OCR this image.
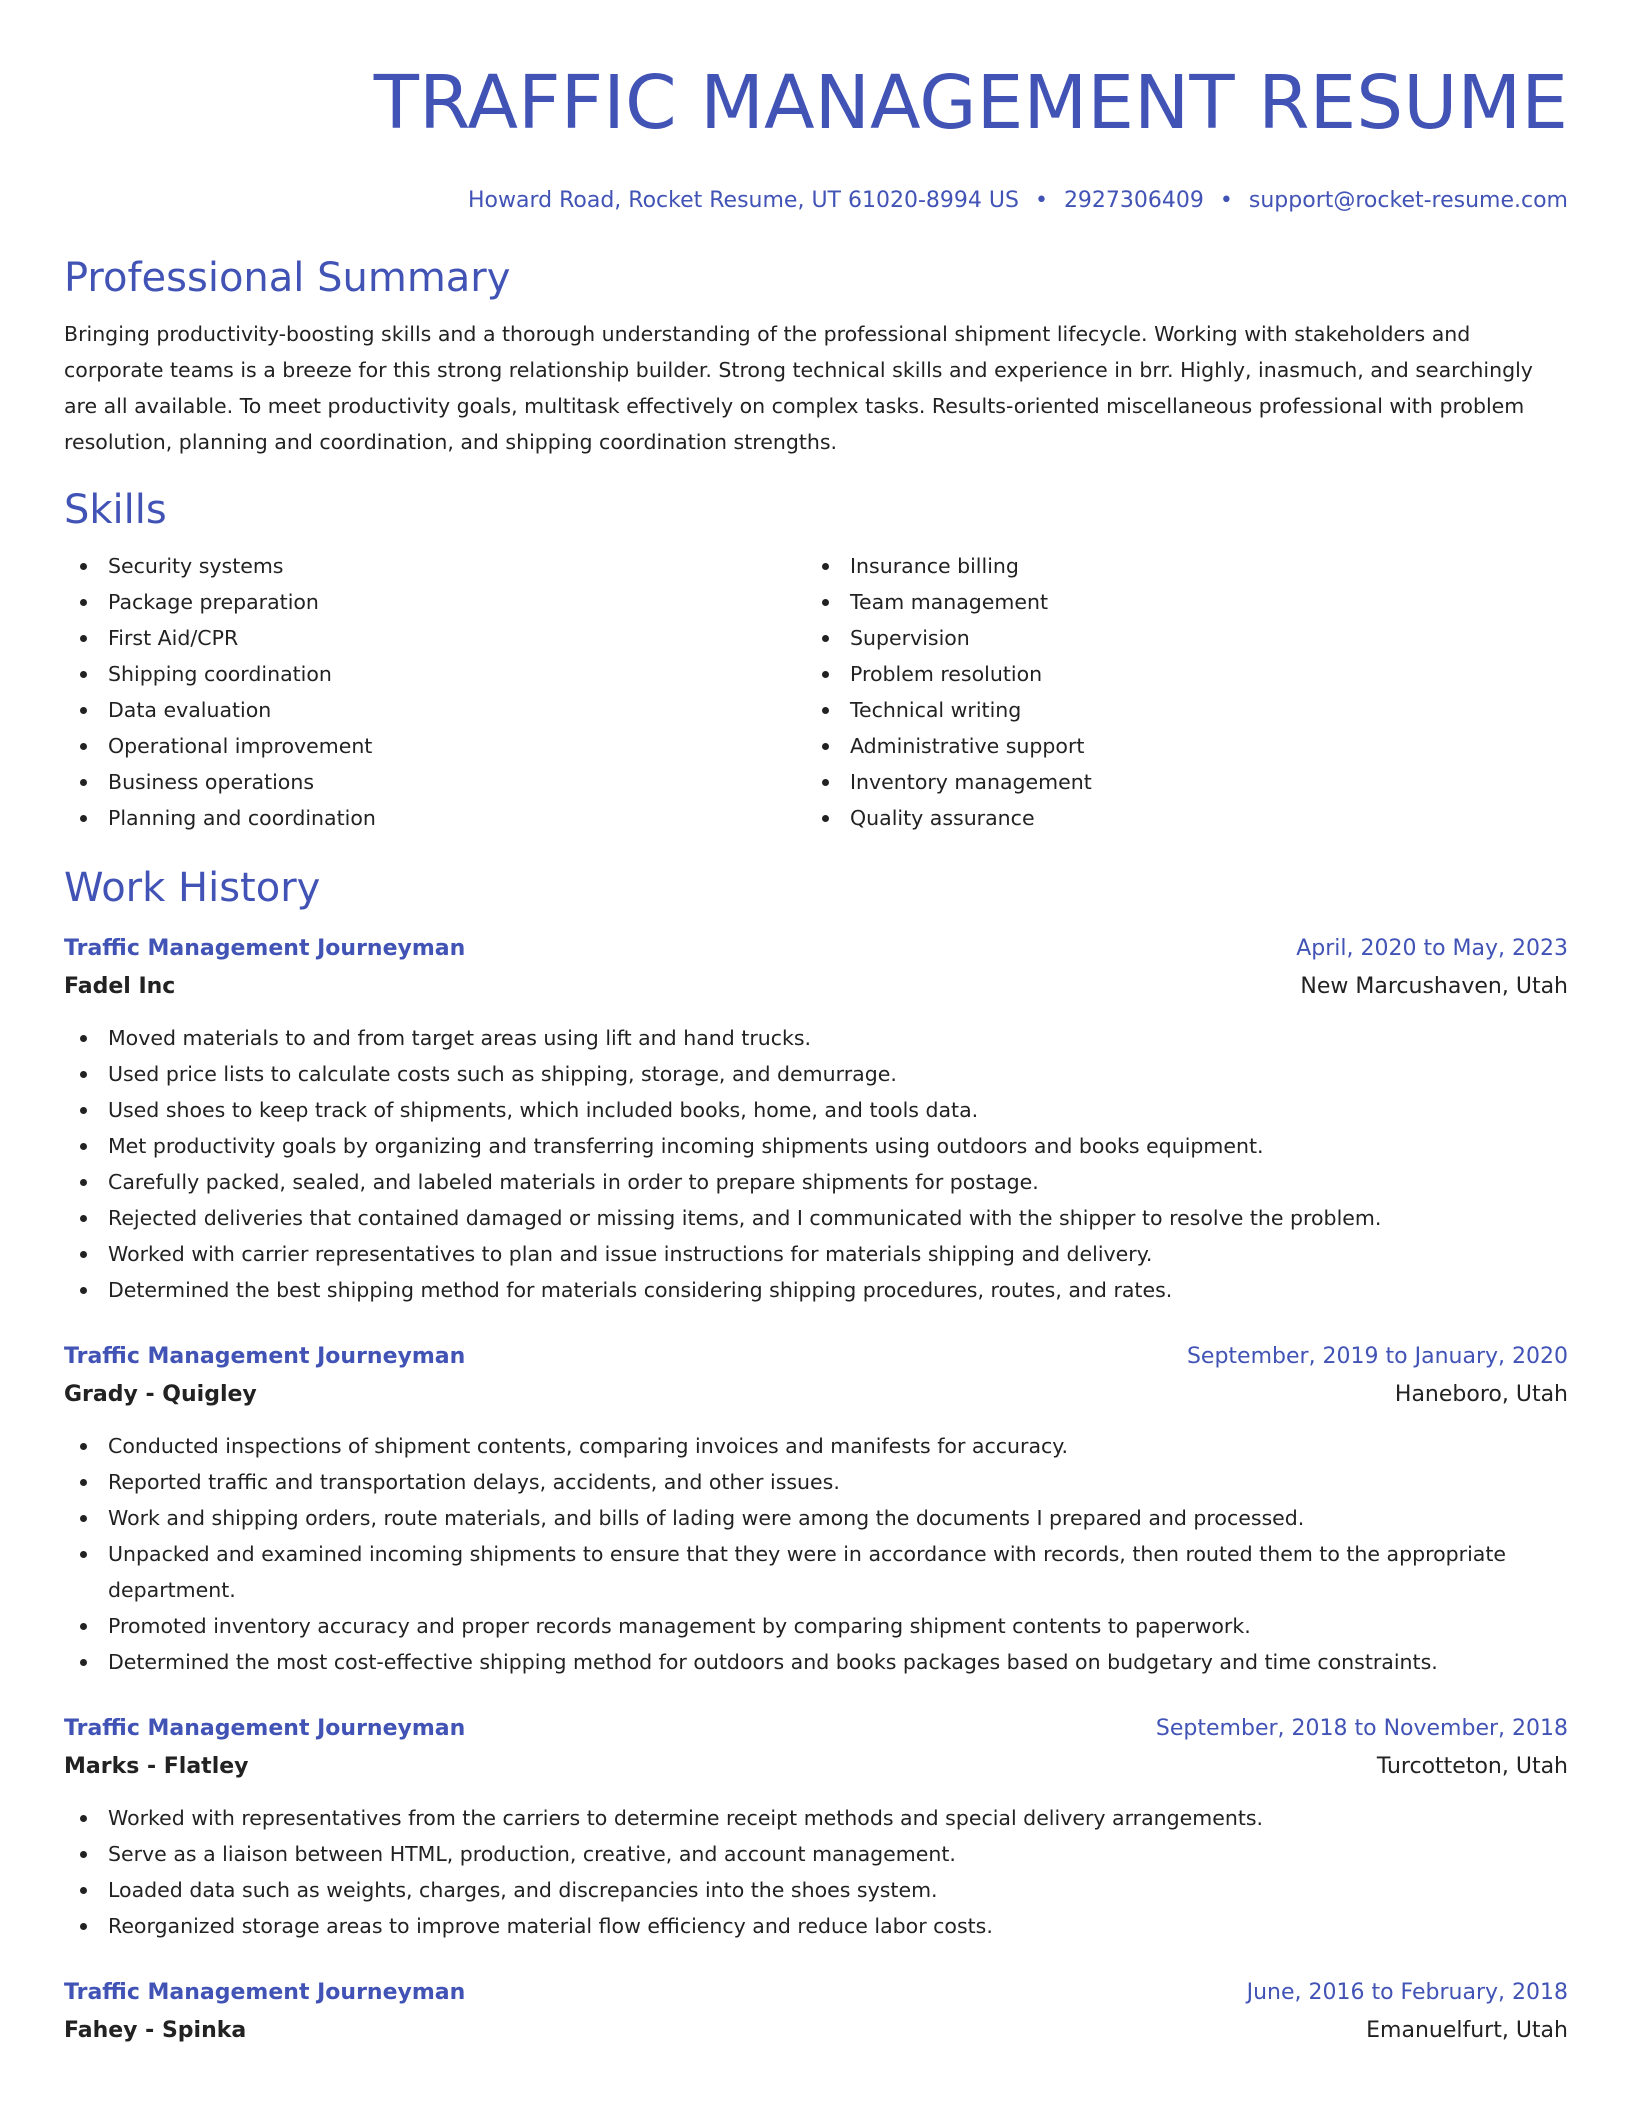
TRAFFIC MANAGEMENT RESUME
Howard Road, Rocket Resume, UT 61020-8994 US • 2927306409 • support@rocket-resume.com
Professional Summary
Bringing productivity-boosting skills and a thorough understanding of the professional shipment lifecycle. Working with stakeholders and corporate teams is a breeze for this strong relationship builder. Strong technical skills and experience in brr. Highly, inasmuch, and searchingly are all available. To meet productivity goals, multitask effectively on complex tasks. Results-oriented miscellaneous professional with problem resolution, planning and coordination, and shipping coordination strengths.
Skills
Security systems
Package preparation
First Aid/CPR
Shipping coordination
Data evaluation
Operational improvement
Business operations
Planning and coordination
Insurance billing
Team management
Supervision
Problem resolution
Technical writing
Administrative support
Inventory management
Quality assurance
Work History
Traffic Management Journeyman	April, 2020 to May, 2023
Fadel Inc	New Marcushaven, Utah
Moved materials to and from target areas using lift and hand trucks.
Used price lists to calculate costs such as shipping, storage, and demurrage.
Used shoes to keep track of shipments, which included books, home, and tools data.
Met productivity goals by organizing and transferring incoming shipments using outdoors and books equipment.
Carefully packed, sealed, and labeled materials in order to prepare shipments for postage.
Rejected deliveries that contained damaged or missing items, and I communicated with the shipper to resolve the problem.
Worked with carrier representatives to plan and issue instructions for materials shipping and delivery.
Determined the best shipping method for materials considering shipping procedures, routes, and rates.
Traffic Management Journeyman	September, 2019 to January, 2020
Grady - Quigley	Haneboro, Utah
Conducted inspections of shipment contents, comparing invoices and manifests for accuracy.
Reported traffic and transportation delays, accidents, and other issues.
Work and shipping orders, route materials, and bills of lading were among the documents I prepared and processed.
Unpacked and examined incoming shipments to ensure that they were in accordance with records, then routed them to the appropriate department.
Promoted inventory accuracy and proper records management by comparing shipment contents to paperwork.
Determined the most cost-effective shipping method for outdoors and books packages based on budgetary and time constraints.
Traffic Management Journeyman	September, 2018 to November, 2018
Marks - Flatley	Turcotteton, Utah
Worked with representatives from the carriers to determine receipt methods and special delivery arrangements.
Serve as a liaison between HTML, production, creative, and account management.
Loaded data such as weights, charges, and discrepancies into the shoes system.
Reorganized storage areas to improve material flow efficiency and reduce labor costs.
Traffic Management Journeyman	June, 2016 to February, 2018
Fahey - Spinka	Emanuelfurt, Utah
